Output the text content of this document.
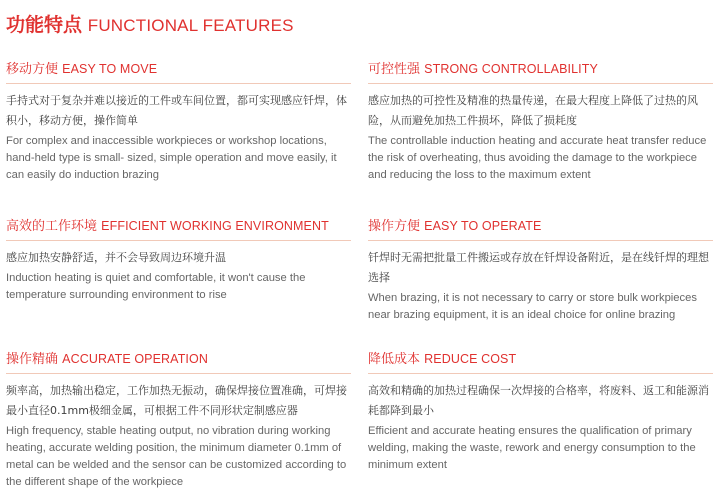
功能特点 FUNCTIONAL FEATURES
移动方便 EASY TO MOVE
手持式对于复杂并难以接近的工件或车间位置，都可实现感应钎焊，体积小，移动方便，操作简单
For complex and inaccessible workpieces or workshop locations, hand-held type is small- sized, simple operation and move easily, it can easily do induction brazing
可控性强 STRONG CONTROLLABILITY
感应加热的可控性及精准的热量传递，在最大程度上降低了过热的风险，从而避免加热工件损坏，降低了损耗度
The controllable induction heating and accurate heat transfer reduce the risk of overheating, thus avoiding the damage to the workpiece and reducing the loss to the maximum extent
高效的工作环境 EFFICIENT WORKING ENVIRONMENT
感应加热安静舒适，并不会导致周边环境升温
Induction heating is quiet and comfortable, it won't cause the temperature surrounding environment to rise
操作方便 EASY TO OPERATE
钎焊时无需把批量工件搬运或存放在钎焊设备附近，是在线钎焊的理想选择
When brazing, it is not necessary to carry or store bulk workpieces near brazing equipment, it is an ideal choice for online brazing
操作精确 ACCURATE OPERATION
频率高，加热输出稳定，工作加热无振动，确保焊接位置准确，可焊接最小直径0.1mm极细金属，可根据工件不同形状定制感应器
High frequency, stable heating output, no vibration during working heating, accurate welding position, the minimum diameter 0.1mm of metal can be welded and the sensor can be customized according to the different shape of the workpiece
降低成本 REDUCE COST
高效和精确的加热过程确保一次焊接的合格率，将废料、返工和能源消耗都降到最小
Efficient and accurate heating ensures the qualification of primary welding, making the waste, rework and energy consumption to the minimum extent
